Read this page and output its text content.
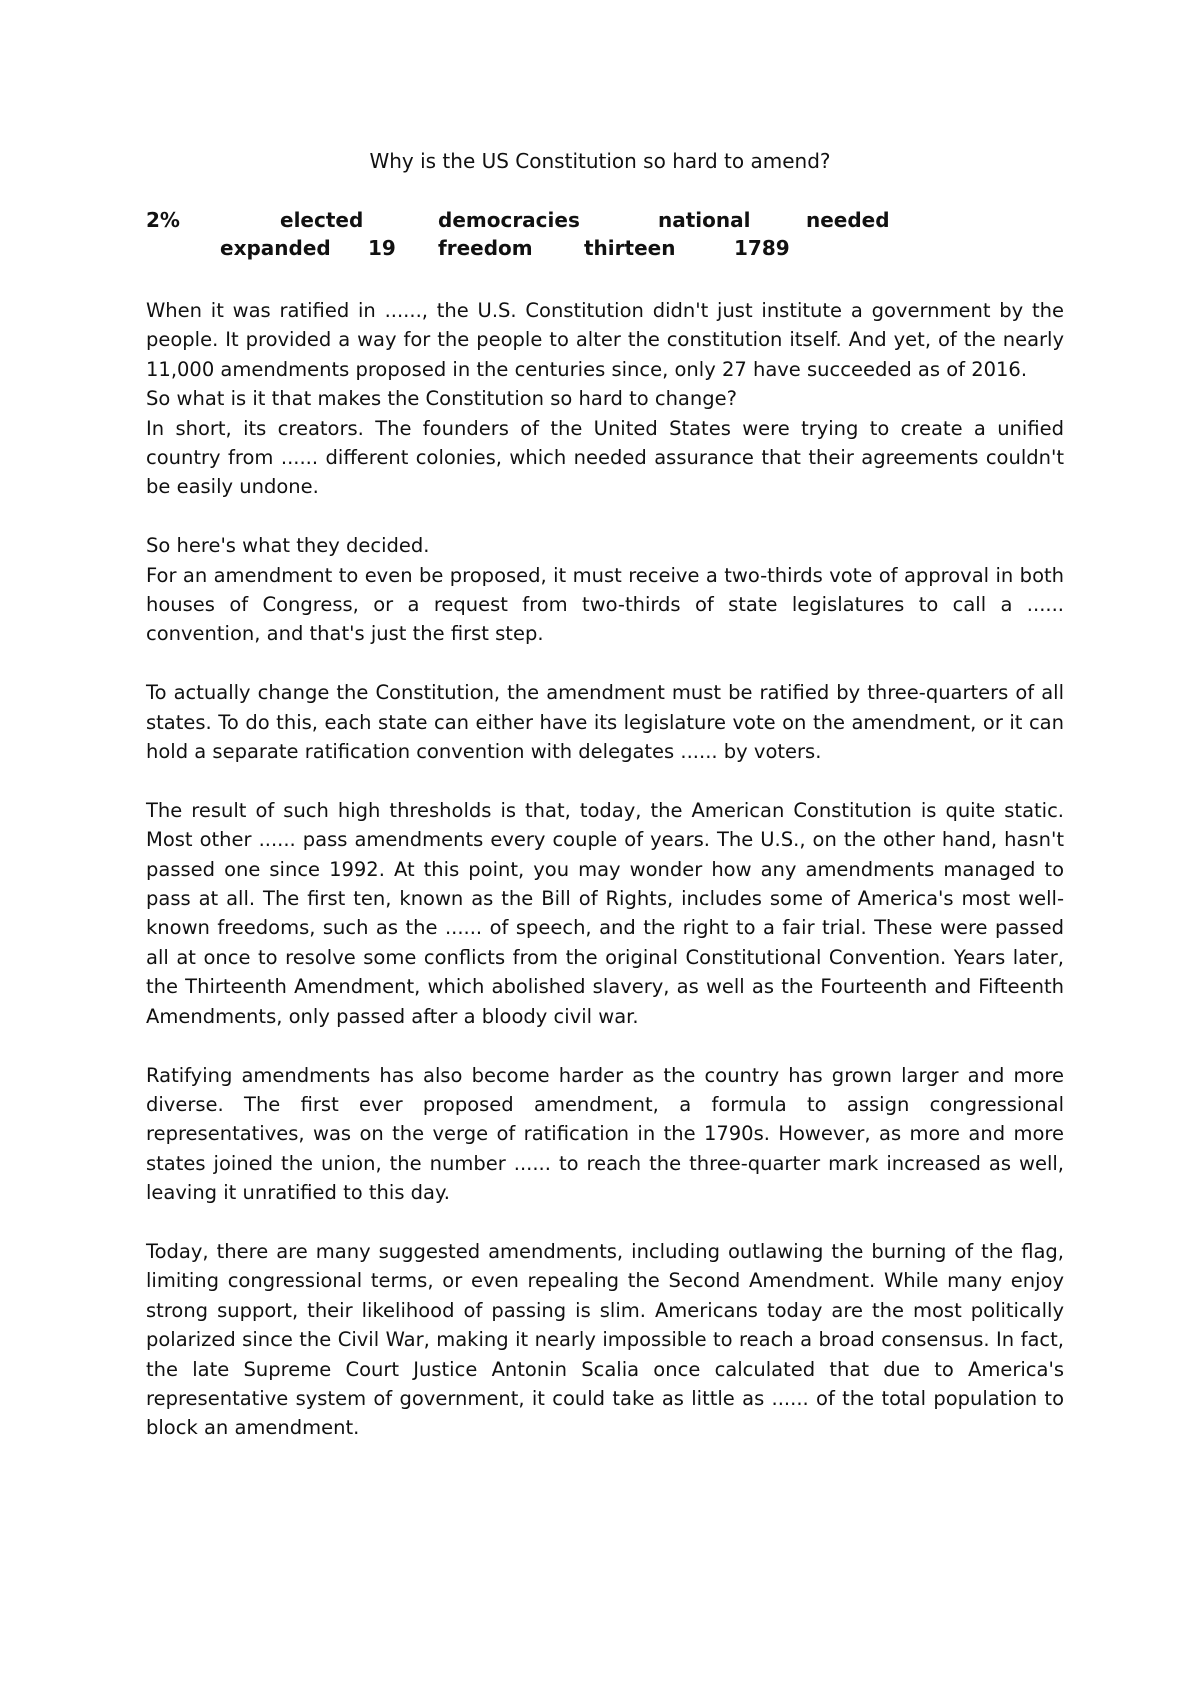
Why is the US Constitution so hard to amend?
2%	elected	democracies	national	needed
expanded 19 freedom	thirteen	1789

When it was ratified in ......, the U.S. Constitution didn't just institute a government by the people. It provided a way for the people to alter the constitution itself. And yet, of the nearly 11,000 amendments proposed in the centuries since, only 27 have succeeded as of 2016.

So what is it that makes the Constitution so hard to change?

In short, its creators. The founders of the United States were trying to create a unified country from ...... different colonies, which needed assurance that their agreements couldn't be easily undone.

So here's what they decided.

For an amendment to even be proposed, it must receive a two-thirds vote of approval in both houses of Congress, or a request from two-thirds of state legislatures to call a ...... convention, and that's just the first step.

To actually change the Constitution, the amendment must be ratified by three-quarters of all states. To do this, each state can either have its legislature vote on the amendment, or it can hold a separate ratification convention with delegates ...... by voters.

The result of such high thresholds is that, today, the American Constitution is quite static. Most other ...... pass amendments every couple of years. The U.S., on the other hand, hasn't passed one since 1992. At this point, you may wonder how any amendments managed to pass at all. The first ten, known as the Bill of Rights, includes some of America's most well-known freedoms, such as the ...... of speech, and the right to a fair trial. These were passed all at once to resolve some conflicts from the original Constitutional Convention. Years later, the Thirteenth Amendment, which abolished slavery, as well as the Fourteenth and Fifteenth Amendments, only passed after a bloody civil war.

Ratifying amendments has also become harder as the country has grown larger and more diverse. The first ever proposed amendment, a formula to assign congressional representatives, was on the verge of ratification in the 1790s. However, as more and more states joined the union, the number ...... to reach the three-quarter mark increased as well, leaving it unratified to this day.

Today, there are many suggested amendments, including outlawing the burning of the flag, limiting congressional terms, or even repealing the Second Amendment. While many enjoy strong support, their likelihood of passing is slim. Americans today are the most politically polarized since the Civil War, making it nearly impossible to reach a broad consensus. In fact, the late Supreme Court Justice Antonin Scalia once calculated that due to America's representative system of government, it could take as little as ...... of the total population to block an amendment.
